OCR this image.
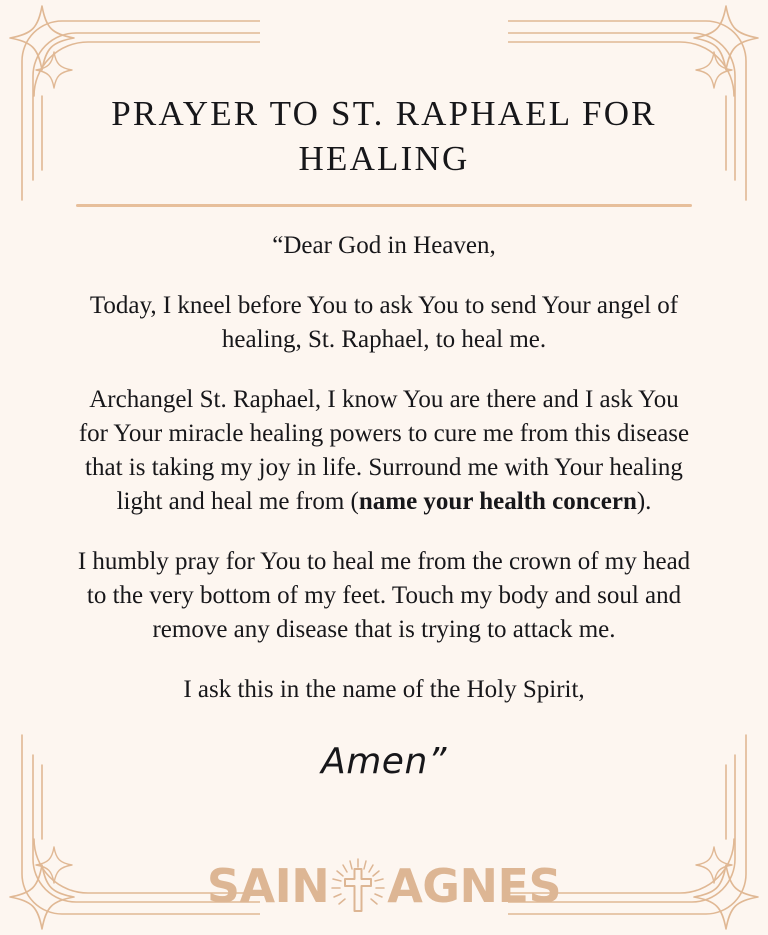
PRAYER TO ST. RAPHAEL FOR
HEALING

“Dear God in Heaven,

Today, I kneel before You to ask You to send Your angel of healing, St. Raphael, to heal me.

Archangel St. Raphael, I know You are there and I ask You for Your miracle healing powers to cure me from this disease that is taking my joy in life. Surround me with Your healing light and heal me from (name your health concern).

I humbly pray for You to heal me from the crown of my head to the very bottom of my feet. Touch my body and soul and remove any disease that is trying to attack me.

I ask this in the name of the Holy Spirit,

Amen”
SAIN AGNES
